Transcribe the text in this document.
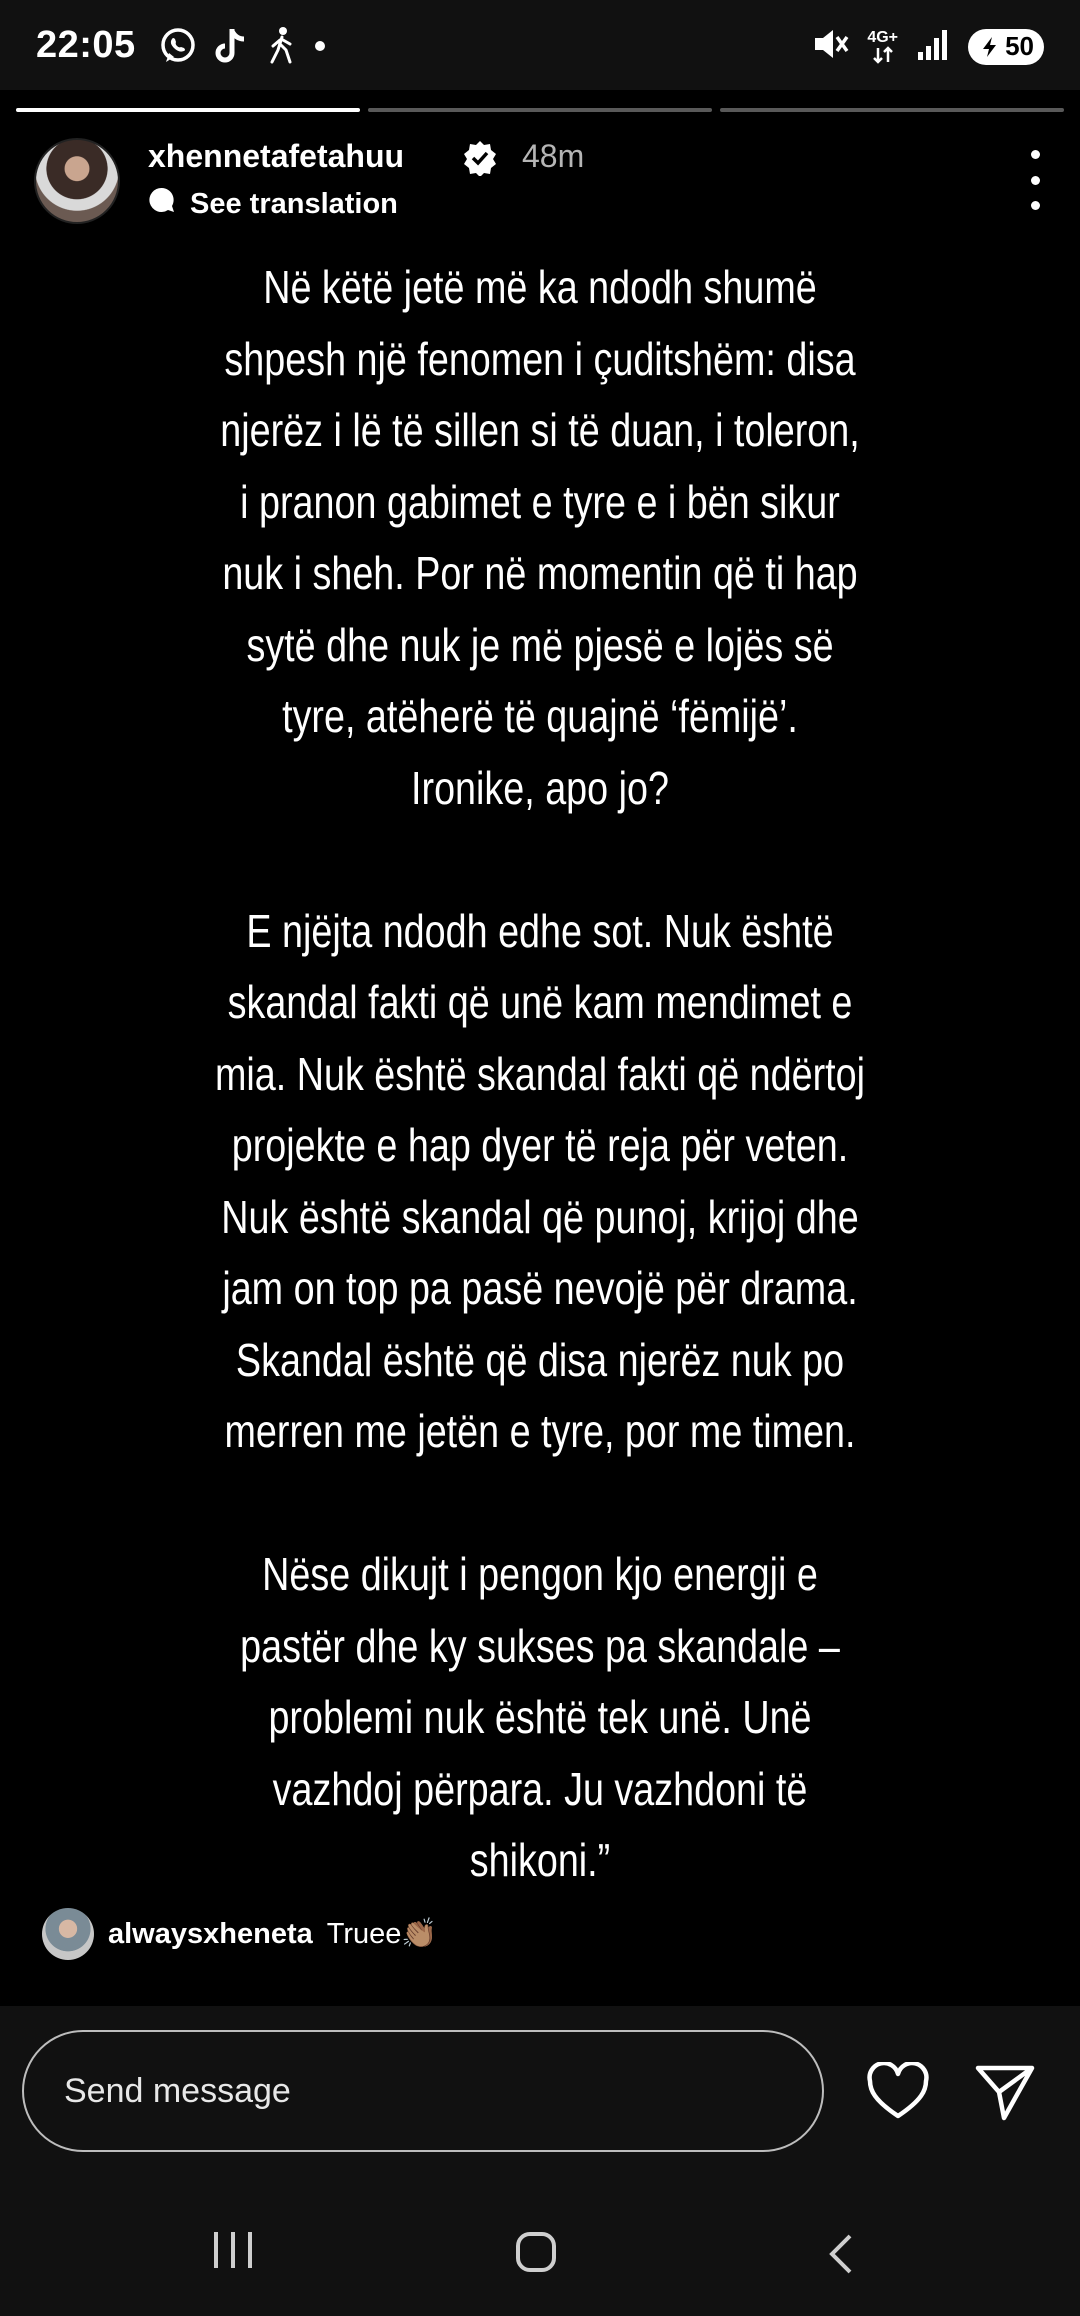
22:05	4G+	50
xhennetafetahuu	48m
See translation

Në këtë jetë më ka ndodh shumë

shpesh një fenomen i çuditshëm: disa

njerëz i lë të sillen si të duan, i toleron,

i pranon gabimet e tyre e i bën sikur

nuk i sheh. Por në momentin që ti hap

sytë dhe nuk je më pjesë e lojës së

tyre, atëherë të quajnë ‘fëmijë’.

Ironike, apo jo?

E njëjta ndodh edhe sot. Nuk është

skandal fakti që unë kam mendimet e

mia. Nuk është skandal fakti që ndërtoj

projekte e hap dyer të reja për veten.

Nuk është skandal që punoj, krijoj dhe

jam on top pa pasë nevojë për drama.

Skandal është që disa njerëz nuk po

merren me jetën e tyre, por me timen.

Nëse dikujt i pengon kjo energji e

pastër dhe ky sukses pa skandale –

problemi nuk është tek unë. Unë

vazhdoj përpara. Ju vazhdoni të

shikoni.”

alwaysxheneta Truee👏🏽
Send message
